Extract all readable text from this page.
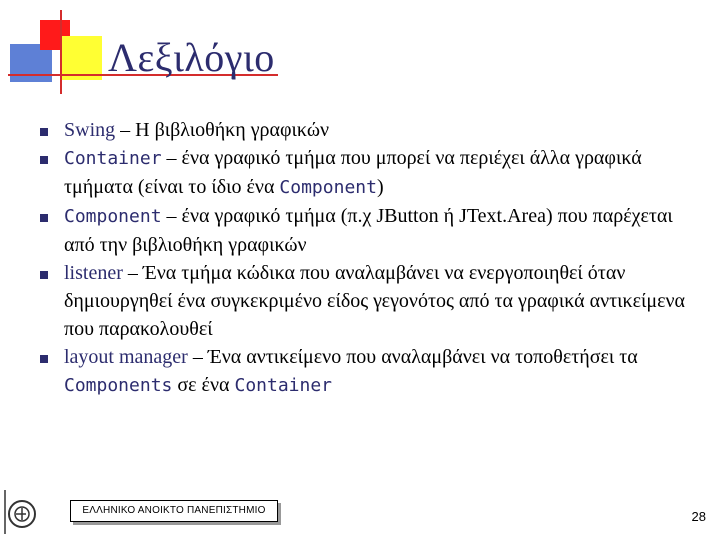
Λεξιλόγιο
Swing – Η βιβλιοθήκη γραφικών
Container – ένα γραφικό τμήμα που μπορεί να περιέχει άλλα γραφικά τμήματα (είναι το ίδιο ένα Component)
Component – ένα γραφικό τμήμα (π.χ JButton ή JText.Area) που παρέχεται από την βιβλιοθήκη γραφικών
listener – Ένα τμήμα κώδικα που αναλαμβάνει να ενεργοποιηθεί όταν δημιουργηθεί ένα συγκεκριμένο είδος γεγονότος από τα γραφικά αντικείμενα που παρακολουθεί
layout manager – Ένα αντικείμενο που αναλαμβάνει να τοποθετήσει τα Components σε ένα Container
ΕΛΛΗΝΙΚΟ ΑΝΟΙΚΤΟ ΠΑΝΕΠΙΣΤΗΜΙΟ	28
